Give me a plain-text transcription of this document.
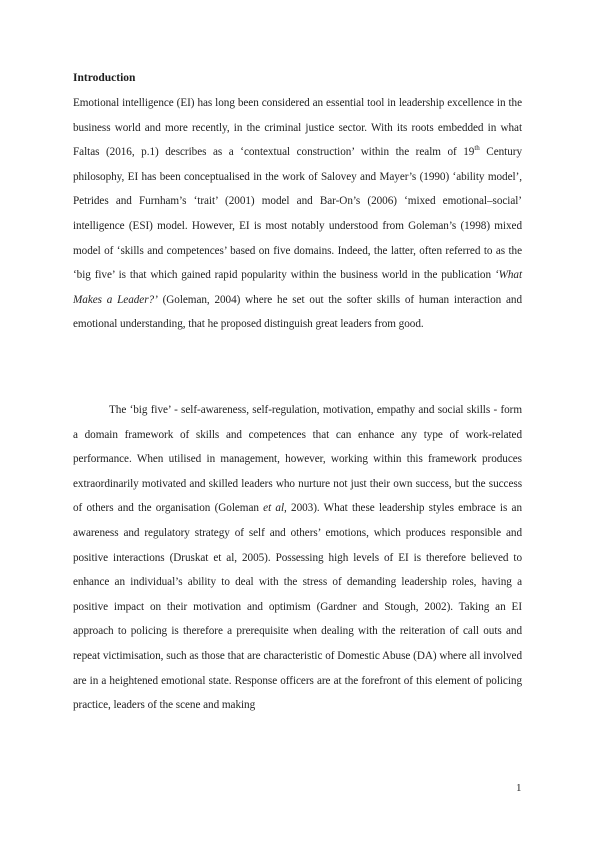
Introduction

Emotional intelligence (EI) has long been considered an essential tool in leadership excellence in the business world and more recently, in the criminal justice sector. With its roots embedded in what Faltas (2016, p.1) describes as a ‘contextual construction’ within the realm of 19th Century philosophy, EI has been conceptualised in the work of Salovey and Mayer’s (1990) ‘ability model’, Petrides and Furnham’s ‘trait’ (2001) model and Bar-On’s (2006) ‘mixed emotional–social’ intelligence (ESI) model. However, EI is most notably understood from Goleman’s (1998) mixed model of ‘skills and competences’ based on five domains. Indeed, the latter, often referred to as the ‘big five’ is that which gained rapid popularity within the business world in the publication ‘What Makes a Leader?’ (Goleman, 2004) where he set out the softer skills of human interaction and emotional understanding, that he proposed distinguish great leaders from good.

The ‘big five’ - self-awareness, self-regulation, motivation, empathy and social skills - form a domain framework of skills and competences that can enhance any type of work-related performance. When utilised in management, however, working within this framework produces extraordinarily motivated and skilled leaders who nurture not just their own success, but the success of others and the organisation (Goleman et al, 2003). What these leadership styles embrace is an awareness and regulatory strategy of self and others’ emotions, which produces responsible and positive interactions (Druskat et al, 2005). Possessing high levels of EI is therefore believed to enhance an individual’s ability to deal with the stress of demanding leadership roles, having a positive impact on their motivation and optimism (Gardner and Stough, 2002). Taking an EI approach to policing is therefore a prerequisite when dealing with the reiteration of call outs and repeat victimisation, such as those that are characteristic of Domestic Abuse (DA) where all involved are in a heightened emotional state. Response officers are at the forefront of this element of policing practice, leaders of the scene and making

1
